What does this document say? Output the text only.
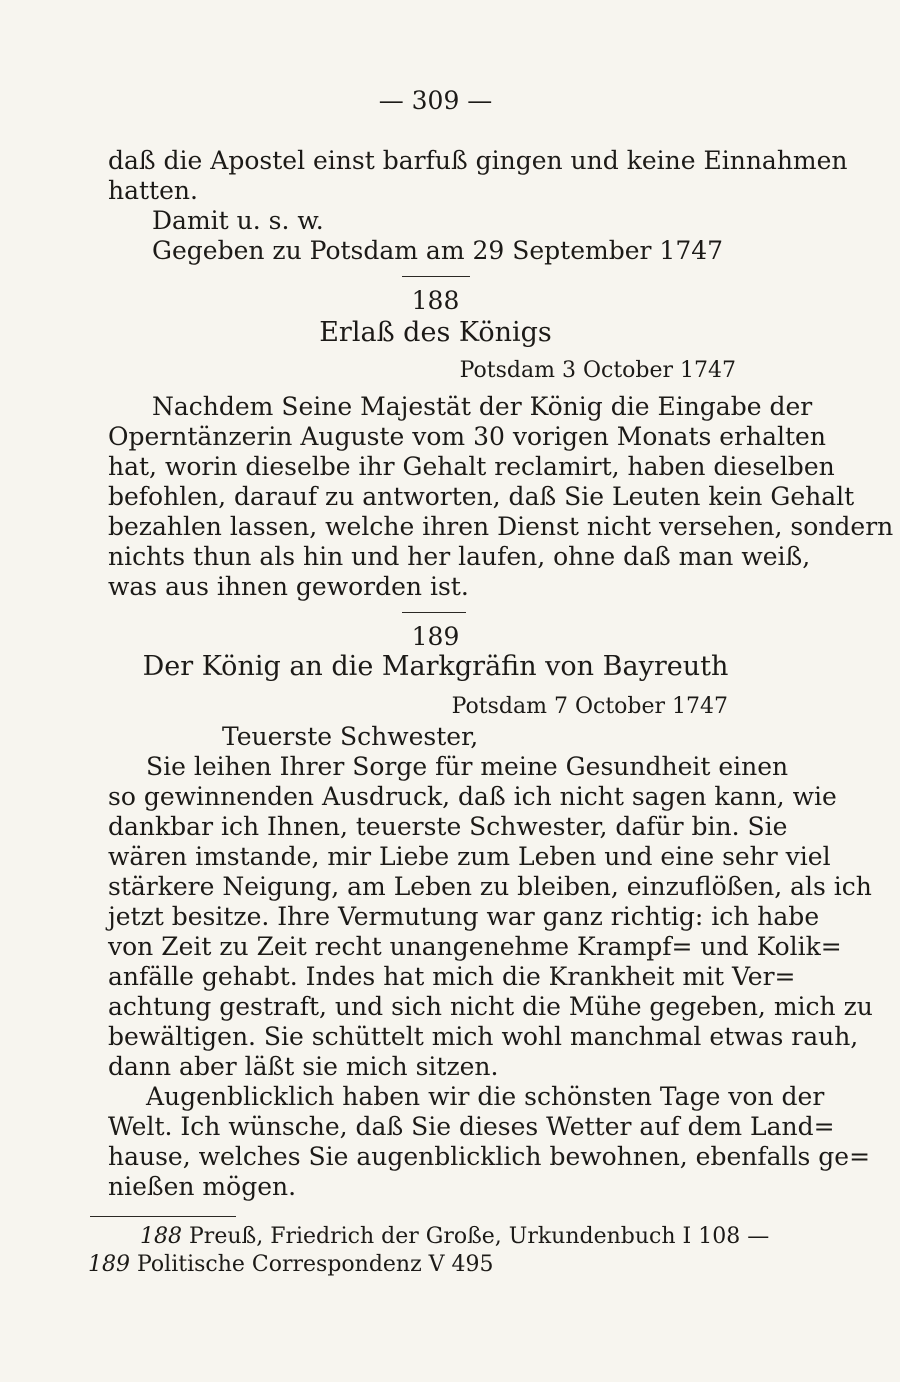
— 309 —
daß die Apostel einst barfuß gingen und keine Einnahmen
hatten.
Damit u. s. w.
Gegeben zu Potsdam am 29 September 1747
188
Erlaß des Königs
Potsdam 3 October 1747
Nachdem Seine Majestät der König die Eingabe der
Operntänzerin Auguste vom 30 vorigen Monats erhalten
hat, worin dieselbe ihr Gehalt reclamirt, haben dieselben
befohlen, darauf zu antworten, daß Sie Leuten kein Gehalt
bezahlen lassen, welche ihren Dienst nicht versehen, sondern
nichts thun als hin und her laufen, ohne daß man weiß,
was aus ihnen geworden ist.
189
Der König an die Markgräfin von Bayreuth
Potsdam 7 October 1747
Teuerste Schwester,
Sie leihen Ihrer Sorge für meine Gesundheit einen
so gewinnenden Ausdruck, daß ich nicht sagen kann, wie
dankbar ich Ihnen, teuerste Schwester, dafür bin. Sie
wären imstande, mir Liebe zum Leben und eine sehr viel
stärkere Neigung, am Leben zu bleiben, einzuflößen, als ich
jetzt besitze. Ihre Vermutung war ganz richtig: ich habe
von Zeit zu Zeit recht unangenehme Krampf= und Kolik=
anfälle gehabt. Indes hat mich die Krankheit mit Ver=
achtung gestraft, und sich nicht die Mühe gegeben, mich zu
bewältigen. Sie schüttelt mich wohl manchmal etwas rauh,
dann aber läßt sie mich sitzen.
Augenblicklich haben wir die schönsten Tage von der
Welt. Ich wünsche, daß Sie dieses Wetter auf dem Land=
hause, welches Sie augenblicklich bewohnen, ebenfalls ge=
nießen mögen.
188 Preuß, Friedrich der Große, Urkundenbuch I 108 —
189 Politische Correspondenz V 495
